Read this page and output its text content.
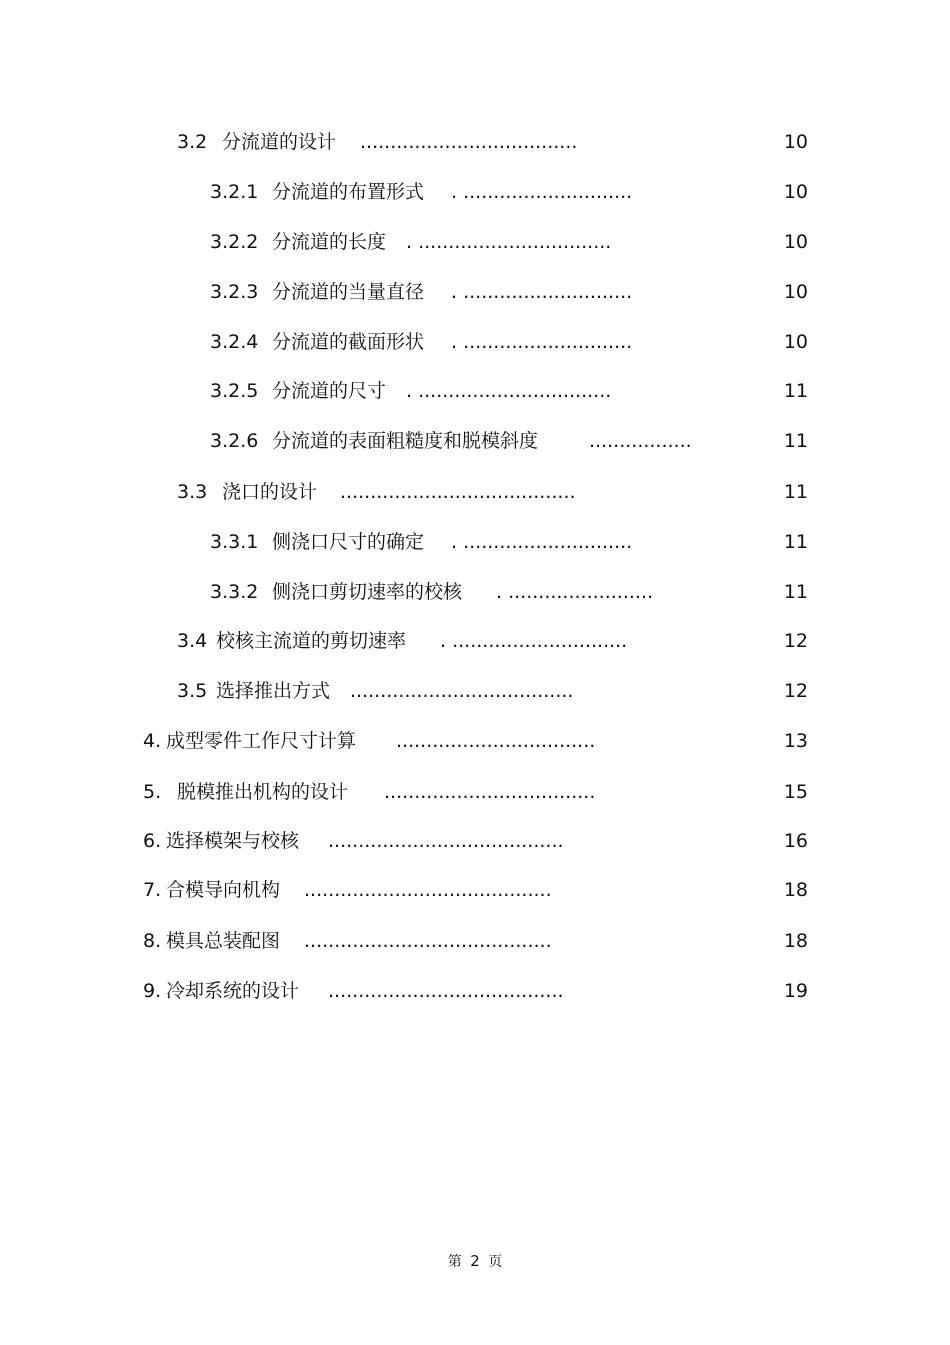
3.2 分流道的设计 ....................................	10
3.2.1 分流道的布置形式 . ............................	10
3.2.2 分流道的长度 . ................................	10
3.2.3 分流道的当量直径 . ............................	10
3.2.4 分流道的截面形状 . ............................	10
3.2.5 分流道的尺寸 . ................................	11
3.2.6 分流道的表面粗糙度和脱模斜度	.................	11
3.3 浇口的设计 .......................................	11
3.3.1 侧浇口尺寸的确定 . ............................	11
3.3.2 侧浇口剪切速率的校核 . ........................	11
3.4 校核主流道的剪切速率 . .............................	12
3.5 选择推出方式 .....................................	12
4. 成型零件工作尺寸计算 .................................	13
5. 脱模推出机构的设计 ...................................	15
6. 选择模架与校核 .......................................	16
7. 合模导向机构 .........................................	18
8. 模具总装配图 .........................................	18
9. 冷却系统的设计 .......................................	19
第 2 页
